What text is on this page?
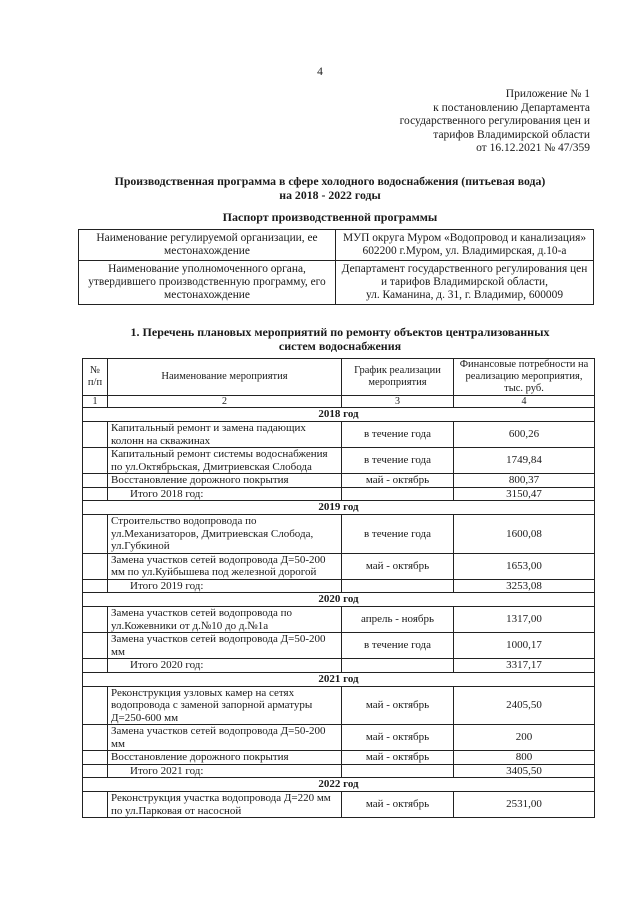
4
Приложение № 1
к постановлению Департамента
государственного регулирования цен и
тарифов Владимирской области
от 16.12.2021 № 47/359
Производственная программа в сфере холодного водоснабжения (питьевая вода)
на 2018 - 2022 годы
Паспорт производственной программы
Наименование регулируемой организации, ее местонахождение	МУП округа Муром «Водопровод и канализация»
602200 г.Муром, ул. Владимирская, д.10-а

Наименование уполномоченного органа, утвердившего производственную программу, его местонахождение	Департамент государственного регулирования цен и тарифов Владимирской области,
ул. Каманина, д. 31, г. Владимир, 600009
1. Перечень плановых мероприятий по ремонту объектов централизованных
систем водоснабжения
№ п/п	Наименование мероприятия	График реализации мероприятия	Финансовые потребности на реализацию мероприятия, тыс. руб.
1	2	3	4
2018 год			
	Капитальный ремонт и замена падающих колонн на скважинах	в течение года	600,26
	Капитальный ремонт системы водоснабжения по ул.Октябрьская, Дмитриевская Слобода	в течение года	1749,84
	Восстановление дорожного покрытия	май - октябрь	800,37
	Итого 2018 год:		3150,47
2019 год			
	Строительство водопровода по ул.Механизаторов, Дмитриевская Слобода, ул.Губкиной	в течение года	1600,08
	Замена участков сетей водопровода Д=50-200 мм по ул.Куйбышева под железной дорогой	май - октябрь	1653,00
	Итого 2019 год:		3253,08
2020 год			
	Замена участков сетей водопровода по ул.Кожевники от д.№10 до д.№1а	апрель - ноябрь	1317,00
	Замена участков сетей водопровода Д=50-200 мм	в течение года	1000,17
	Итого 2020 год:		3317,17
2021 год			
	Реконструкция узловых камер на сетях водопровода с заменой запорной арматуры Д=250-600 мм	май - октябрь	2405,50
	Замена участков сетей водопровода Д=50-200 мм	май - октябрь	200
	Восстановление дорожного покрытия	май - октябрь	800
	Итого 2021 год:		3405,50
2022 год			
	Реконструкция участка водопровода Д=220 мм по ул.Парковая от насосной	май - октябрь	2531,00
